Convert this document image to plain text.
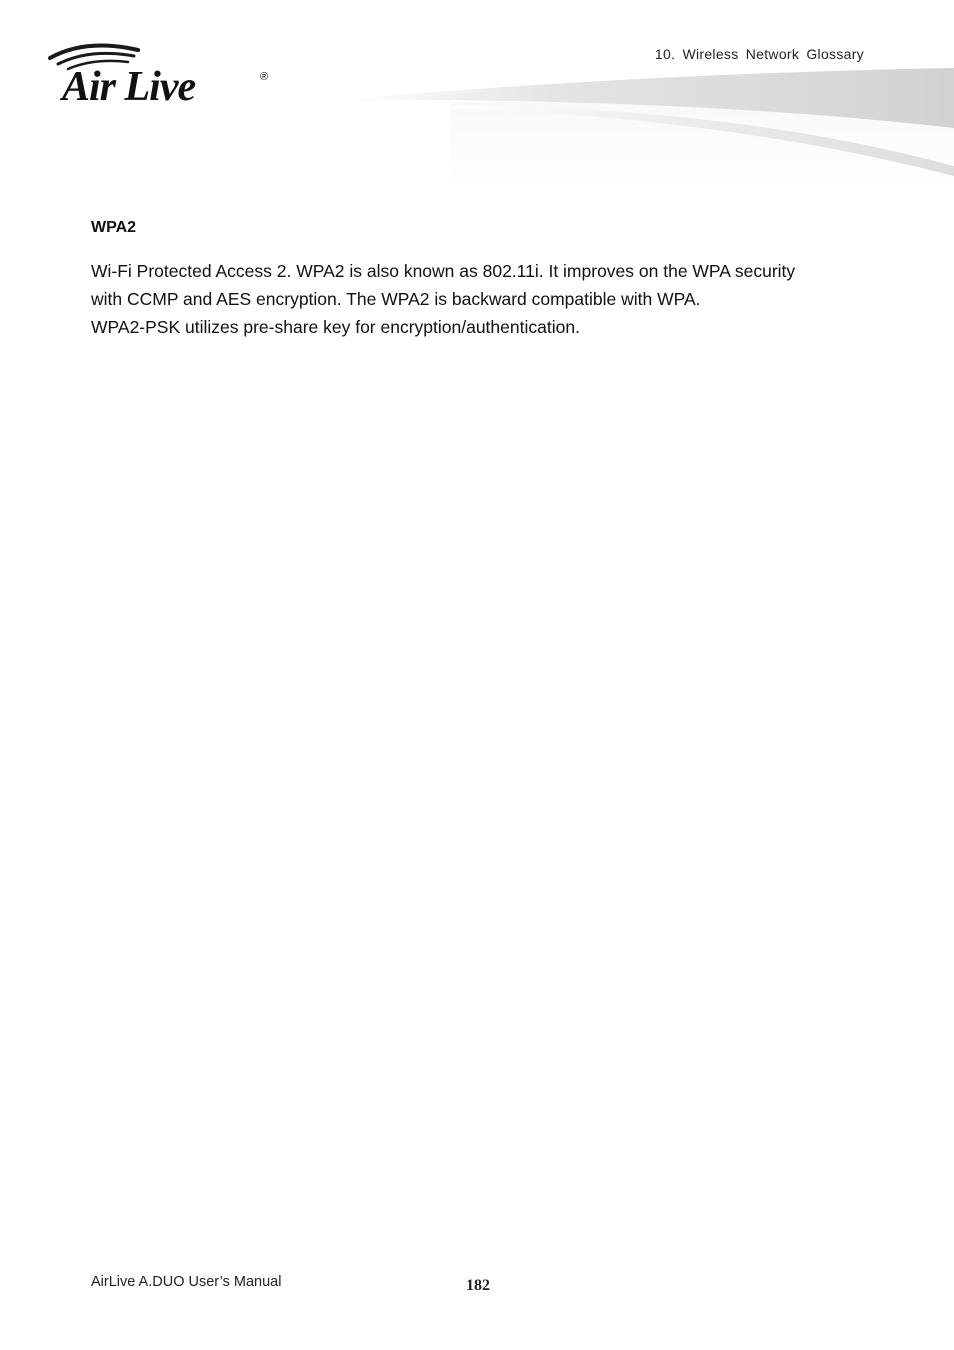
Air Live	®
10. Wireless Network Glossary
WPA2

Wi-Fi Protected Access 2. WPA2 is also known as 802.11i. It improves on the WPA security
with CCMP and AES encryption. The WPA2 is backward compatible with WPA.
WPA2-PSK utilizes pre-share key for encryption/authentication.

AirLive A.DUO User’s Manual	182
